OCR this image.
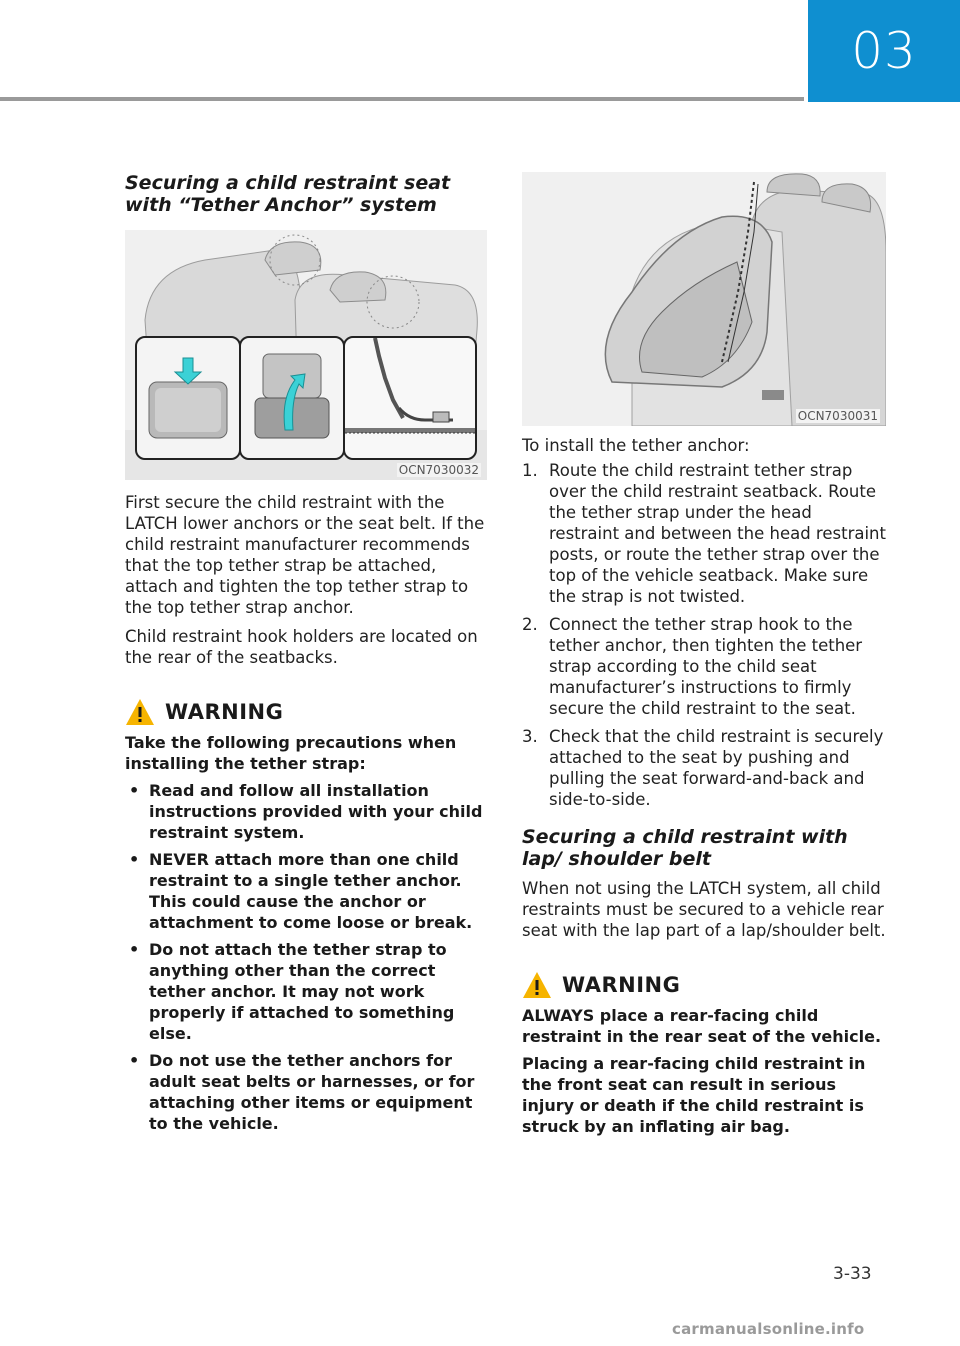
03
Securing a child restraint seat with “Tether Anchor” system
OCN7030032

First secure the child restraint with the LATCH lower anchors or the seat belt. If the child restraint manufacturer recommends that the top tether strap be attached, attach and tighten the top tether strap to the top tether strap anchor.

Child restraint hook holders are located on the rear of the seatbacks.

WARNING
Take the following precautions when installing the tether strap:
• Read and follow all installation instructions provided with your child restraint system.
• NEVER attach more than one child restraint to a single tether anchor. This could cause the anchor or attachment to come loose or break.
• Do not attach the tether strap to anything other than the correct tether anchor. It may not work properly if attached to something else.
• Do not use the tether anchors for adult seat belts or harnesses, or for attaching other items or equipment to the vehicle.
OCN7030031

To install the tether anchor:

1. Route the child restraint tether strap over the child restraint seatback. Route the tether strap under the head restraint and between the head restraint posts, or route the tether strap over the top of the vehicle seatback. Make sure the strap is not twisted.
2. Connect the tether strap hook to the tether anchor, then tighten the tether strap according to the child seat manufacturer’s instructions to firmly secure the child restraint to the seat.
3. Check that the child restraint is securely attached to the seat by pushing and pulling the seat forward-and-back and side-to-side.
Securing a child restraint with lap/ shoulder belt

When not using the LATCH system, all child restraints must be secured to a vehicle rear seat with the lap part of a lap/shoulder belt.

WARNING
ALWAYS place a rear-facing child restraint in the rear seat of the vehicle.
Placing a rear-facing child restraint in the front seat can result in serious injury or death if the child restraint is struck by an inflating air bag.
3-33
carmanualsonline.info
